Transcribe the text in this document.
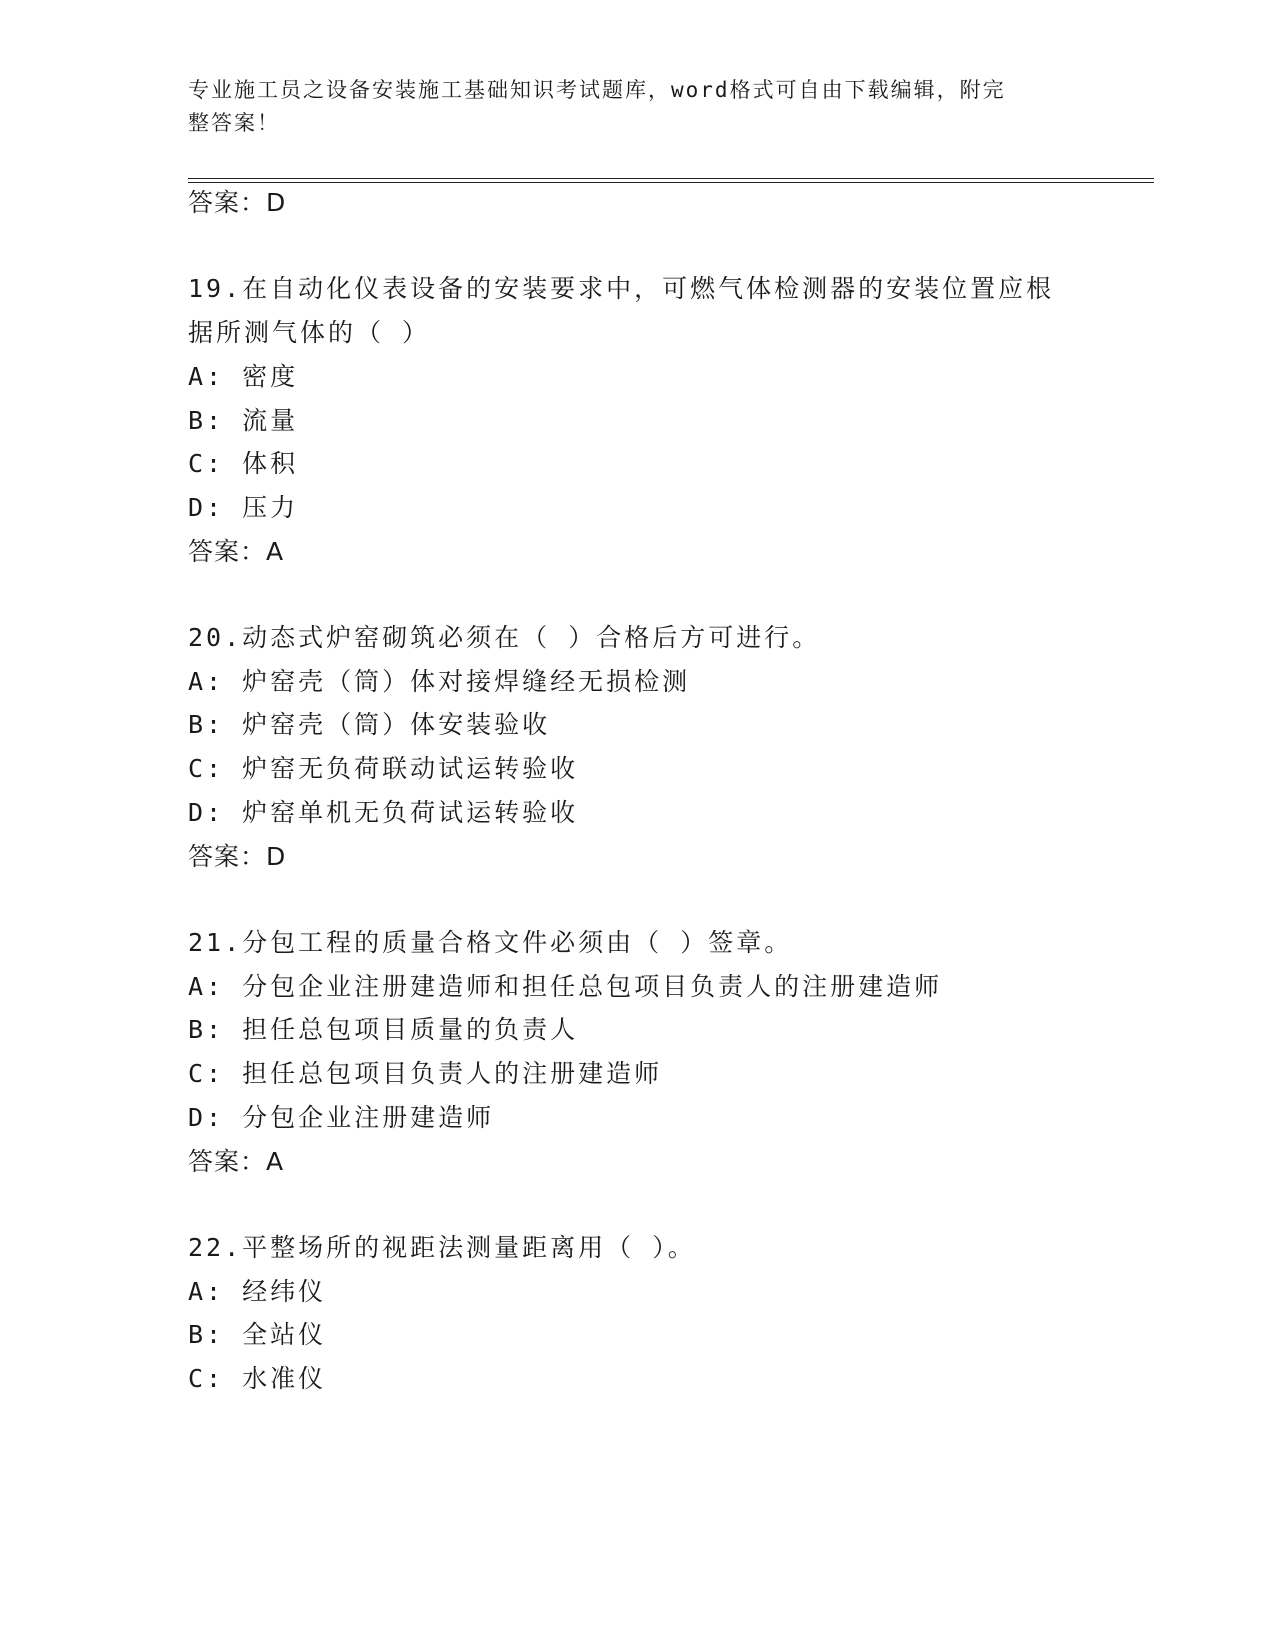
专业施工员之设备安装施工基础知识考试题库，word格式可自由下载编辑，附完
整答案！
答案：D
19.在自动化仪表设备的安装要求中，可燃气体检测器的安装位置应根
据所测气体的（ ）
A: 密度
B: 流量
C: 体积
D: 压力
答案：A
20.动态式炉窑砌筑必须在（ ）合格后方可进行。
A: 炉窑壳（筒）体对接焊缝经无损检测
B: 炉窑壳（筒）体安装验收
C: 炉窑无负荷联动试运转验收
D: 炉窑单机无负荷试运转验收
答案：D
21.分包工程的质量合格文件必须由（ ）签章。
A: 分包企业注册建造师和担任总包项目负责人的注册建造师
B: 担任总包项目质量的负责人
C: 担任总包项目负责人的注册建造师
D: 分包企业注册建造师
答案：A
22.平整场所的视距法测量距离用（ ）。
A: 经纬仪
B: 全站仪
C: 水准仪
